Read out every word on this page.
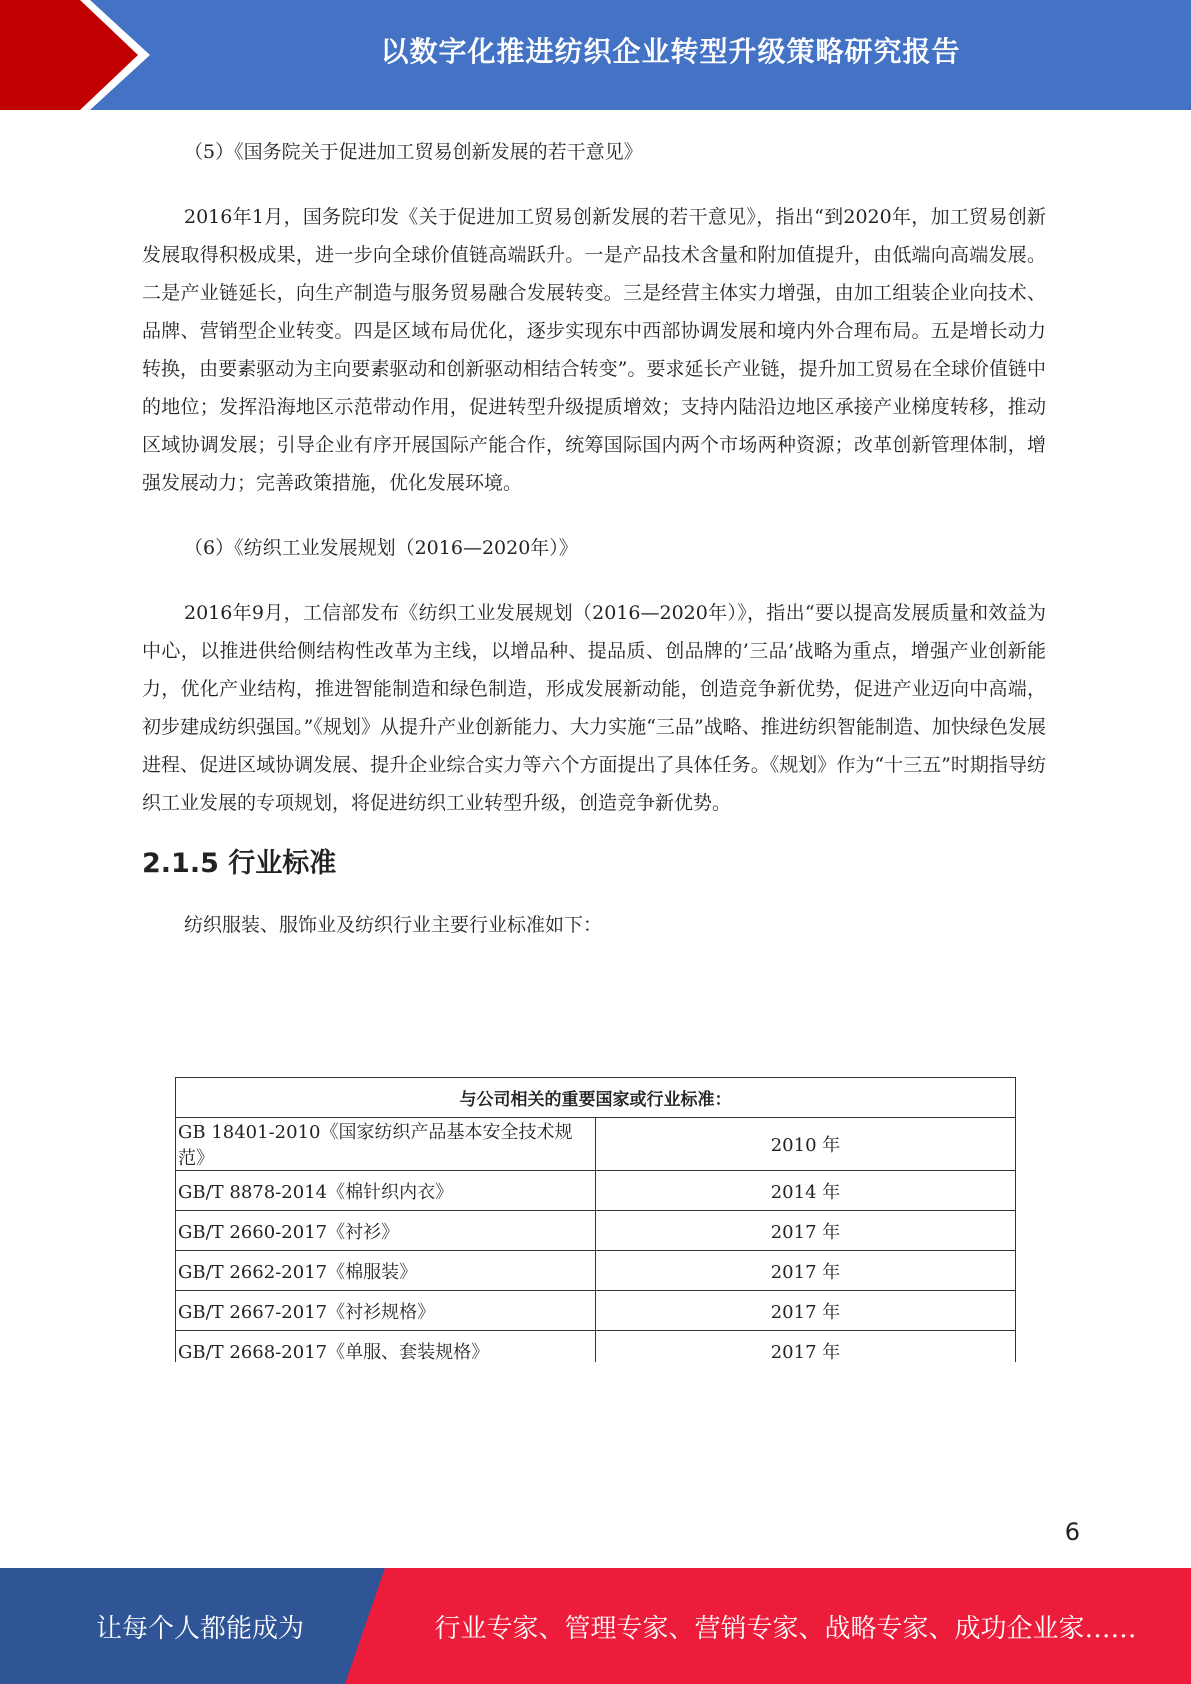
以数字化推进纺织企业转型升级策略研究报告

（5）《国务院关于促进加工贸易创新发展的若干意见》

2016年1月，国务院印发《关于促进加工贸易创新发展的若干意见》，指出“到2020年，加工贸易创新发展取得积极成果，进一步向全球价值链高端跃升。一是产品技术含量和附加值提升，由低端向高端发展。二是产业链延长，向生产制造与服务贸易融合发展转变。三是经营主体实力增强，由加工组装企业向技术、品牌、营销型企业转变。四是区域布局优化，逐步实现东中西部协调发展和境内外合理布局。五是增长动力转换，由要素驱动为主向要素驱动和创新驱动相结合转变”。要求延长产业链，提升加工贸易在全球价值链中的地位；发挥沿海地区示范带动作用，促进转型升级提质增效；支持内陆沿边地区承接产业梯度转移，推动区域协调发展；引导企业有序开展国际产能合作，统筹国际国内两个市场两种资源；改革创新管理体制，增强发展动力；完善政策措施，优化发展环境。

（6）《纺织工业发展规划（2016—2020年）》

2016年9月，工信部发布《纺织工业发展规划（2016—2020年）》，指出“要以提高发展质量和效益为中心，以推进供给侧结构性改革为主线，以增品种、提品质、创品牌的’三品’战略为重点，增强产业创新能力，优化产业结构，推进智能制造和绿色制造，形成发展新动能，创造竞争新优势，促进产业迈向中高端，初步建成纺织强国。”《规划》从提升产业创新能力、大力实施“三品”战略、推进纺织智能制造、加快绿色发展进程、促进区域协调发展、提升企业综合实力等六个方面提出了具体任务。《规划》作为“十三五”时期指导纺织工业发展的专项规划，将促进纺织工业转型升级，创造竞争新优势。

2.1.5 行业标准

纺织服装、服饰业及纺织行业主要行业标准如下：

与公司相关的重要国家或行业标准：	
GB 18401-2010《国家纺织产品基本安全技术规范》	2010 年
GB/T 8878-2014《棉针织内衣》	2014 年
GB/T 2660-2017《衬衫》	2017 年
GB/T 2662-2017《棉服装》	2017 年
GB/T 2667-2017《衬衫规格》	2017 年
GB/T 2668-2017《单服、套装规格》	2017 年
6
让每个人都能成为	行业专家、管理专家、营销专家、战略专家、成功企业家……
